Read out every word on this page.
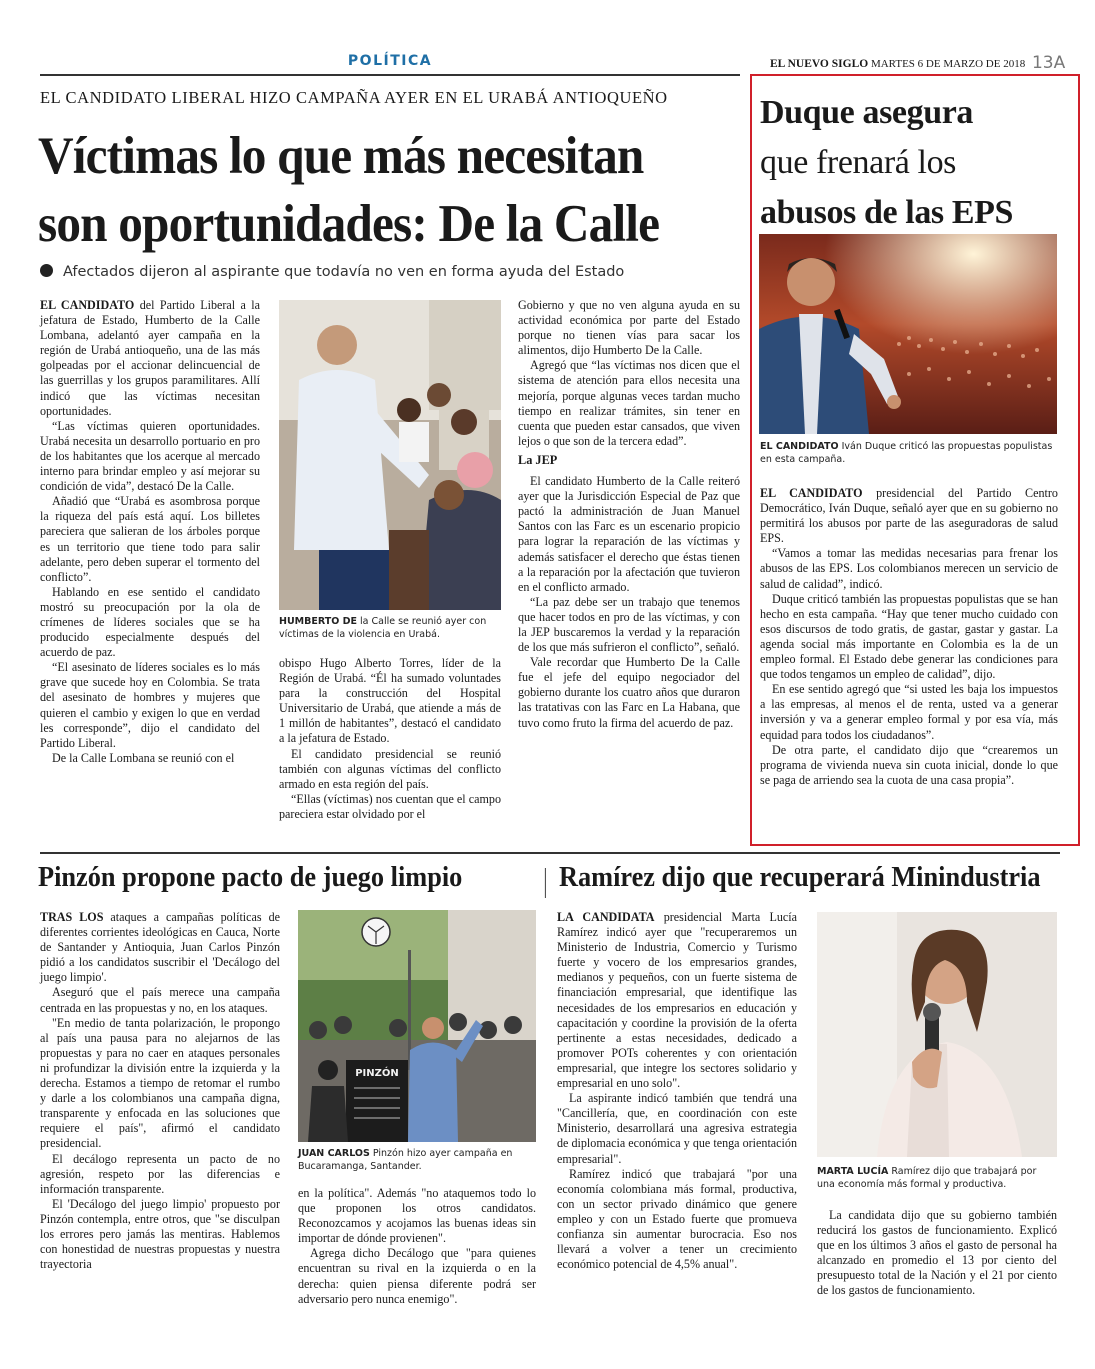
POLÍTICA	EL NUEVO SIGLO MARTES 6 DE MARZO DE 2018 13A
EL CANDIDATO LIBERAL HIZO CAMPAÑA AYER EN EL URABÁ ANTIOQUEÑO
Víctimas lo que más necesitan son oportunidades: De la Calle
Afectados dijeron al aspirante que todavía no ven en forma ayuda del Estado

EL CANDIDATO del Partido Liberal a la jefatura de Estado, Humberto de la Calle Lombana, adelantó ayer campaña en la región de Urabá antioqueño, una de las más golpeadas por el accionar delincuencial de las guerrillas y los grupos paramilitares. Allí indicó que las víctimas necesitan oportunidades.

“Las víctimas quieren oportunidades. Urabá necesita un desarrollo portuario en pro de los habitantes que los acerque al mercado interno para brindar empleo y así mejorar su condición de vida”, destacó De la Calle.

Añadió que “Urabá es asombrosa porque la riqueza del país está aquí. Los billetes pareciera que salieran de los árboles porque es un territorio que tiene todo para salir adelante, pero deben superar el tormento del conflicto”.

Hablando en ese sentido el candidato mostró su preocupación por la ola de crímenes de líderes sociales que se ha producido especialmente después del acuerdo de paz.

“El asesinato de líderes sociales es lo más grave que sucede hoy en Colombia. Se trata del asesinato de hombres y mujeres que quieren el cambio y exigen lo que en verdad les corresponde”, dijo el candidato del Partido Liberal.

De la Calle Lombana se reunió con el

HUMBERTO DE la Calle se reunió ayer con víctimas de la violencia en Urabá.

obispo Hugo Alberto Torres, líder de la Región de Urabá. “Él ha sumado voluntades para la construcción del Hospital Universitario de Urabá, que atiende a más de 1 millón de habitantes”, destacó el candidato a la jefatura de Estado.

El candidato presidencial se reunió también con algunas víctimas del conflicto armado en esta región del país.

“Ellas (víctimas) nos cuentan que el campo pareciera estar olvidado por el

Gobierno y que no ven alguna ayuda en su actividad económica por parte del Estado porque no tienen vías para sacar los alimentos, dijo Humberto De la Calle.

Agregó que “las víctimas nos dicen que el sistema de atención para ellos necesita una mejoría, porque algunas veces tardan mucho tiempo en realizar trámites, sin tener en cuenta que pueden estar cansados, que viven lejos o que son de la tercera edad”.

La JEP

El candidato Humberto de la Calle reiteró ayer que la Jurisdicción Especial de Paz que pactó la administración de Juan Manuel Santos con las Farc es un escenario propicio para lograr la reparación de las víctimas y además satisfacer el derecho que éstas tienen a la reparación por la afectación que tuvieron en el conflicto armado.

“La paz debe ser un trabajo que tenemos que hacer todos en pro de las víctimas, y con la JEP buscaremos la verdad y la reparación de los que más sufrieron el conflicto”, señaló.

Vale recordar que Humberto De la Calle fue el jefe del equipo negociador del gobierno durante los cuatro años que duraron las tratativas con las Farc en La Habana, que tuvo como fruto la firma del acuerdo de paz.

Duque asegura
que frenará los
abusos de las EPS
EL CANDIDATO Iván Duque criticó las propuestas populistas en esta campaña.

EL CANDIDATO presidencial del Partido Centro Democrático, Iván Duque, señaló ayer que en su gobierno no permitirá los abusos por parte de las aseguradoras de salud EPS.

“Vamos a tomar las medidas necesarias para frenar los abusos de las EPS. Los colombianos merecen un servicio de salud de calidad”, indicó.

Duque criticó también las propuestas populistas que se han hecho en esta campaña. “Hay que tener mucho cuidado con esos discursos de todo gratis, de gastar, gastar y gastar. La agenda social más importante en Colombia es la de un empleo formal. El Estado debe generar las condiciones para que todos tengamos un empleo de calidad”, dijo.

En ese sentido agregó que “si usted les baja los impuestos a las empresas, al menos el de renta, usted va a generar inversión y va a generar empleo formal y por esa vía, más equidad para todos los ciudadanos”.

De otra parte, el candidato dijo que “crearemos un programa de vivienda nueva sin cuota inicial, donde lo que se paga de arriendo sea la cuota de una casa propia”.

Pinzón propone pacto de juego limpio

TRAS LOS ataques a campañas políticas de diferentes corrientes ideológicas en Cauca, Norte de Santander y Antioquia, Juan Carlos Pinzón pidió a los candidatos suscribir el 'Decálogo del juego limpio'.

Aseguró que el país merece una campaña centrada en las propuestas y no, en los ataques.

"En medio de tanta polarización, le propongo al país una pausa para no alejarnos de las propuestas y para no caer en ataques personales ni profundizar la división entre la izquierda y la derecha. Estamos a tiempo de retomar el rumbo y darle a los colombianos una campaña digna, transparente y enfocada en las soluciones que requiere el país", afirmó el candidato presidencial.

El decálogo representa un pacto de no agresión, respeto por las diferencias e información transparente.

El 'Decálogo del juego limpio' propuesto por Pinzón contempla, entre otros, que "se disculpan los errores pero jamás las mentiras. Hablemos con honestidad de nuestras propuestas y nuestra trayectoria

PINZÓN
JUAN CARLOS Pinzón hizo ayer campaña en Bucaramanga, Santander.

en la política". Además "no ataquemos todo lo que proponen los otros candidatos. Reconozcamos y acojamos las buenas ideas sin importar de dónde provienen".

Agrega dicho Decálogo que "para quienes encuentran su rival en la izquierda o en la derecha: quien piensa diferente podrá ser adversario pero nunca enemigo".

Ramírez dijo que recuperará Minindustria

LA CANDIDATA presidencial Marta Lucía Ramírez indicó ayer que "recuperaremos un Ministerio de Industria, Comercio y Turismo fuerte y vocero de los empresarios grandes, medianos y pequeños, con un fuerte sistema de financiación empresarial, que identifique las necesidades de los empresarios en educación y capacitación y coordine la provisión de la oferta pertinente a estas necesidades, dedicado a promover POTs coherentes y con orientación empresarial, que integre los sectores solidario y empresarial en uno solo".

La aspirante indicó también que tendrá una "Cancillería, que, en coordinación con este Ministerio, desarrollará una agresiva estrategia de diplomacia económica y que tenga orientación empresarial".

Ramírez indicó que trabajará "por una economía colombiana más formal, productiva, con un sector privado dinámico que genere empleo y con un Estado fuerte que promueva confianza sin aumentar burocracia. Eso nos llevará a volver a tener un crecimiento económico potencial de 4,5% anual".

MARTA LUCÍA Ramírez dijo que trabajará por una economía más formal y productiva.

La candidata dijo que su gobierno también reducirá los gastos de funcionamiento. Explicó que en los últimos 3 años el gasto de personal ha alcanzado en promedio el 13 por ciento del presupuesto total de la Nación y el 21 por ciento de los gastos de funcionamiento.
